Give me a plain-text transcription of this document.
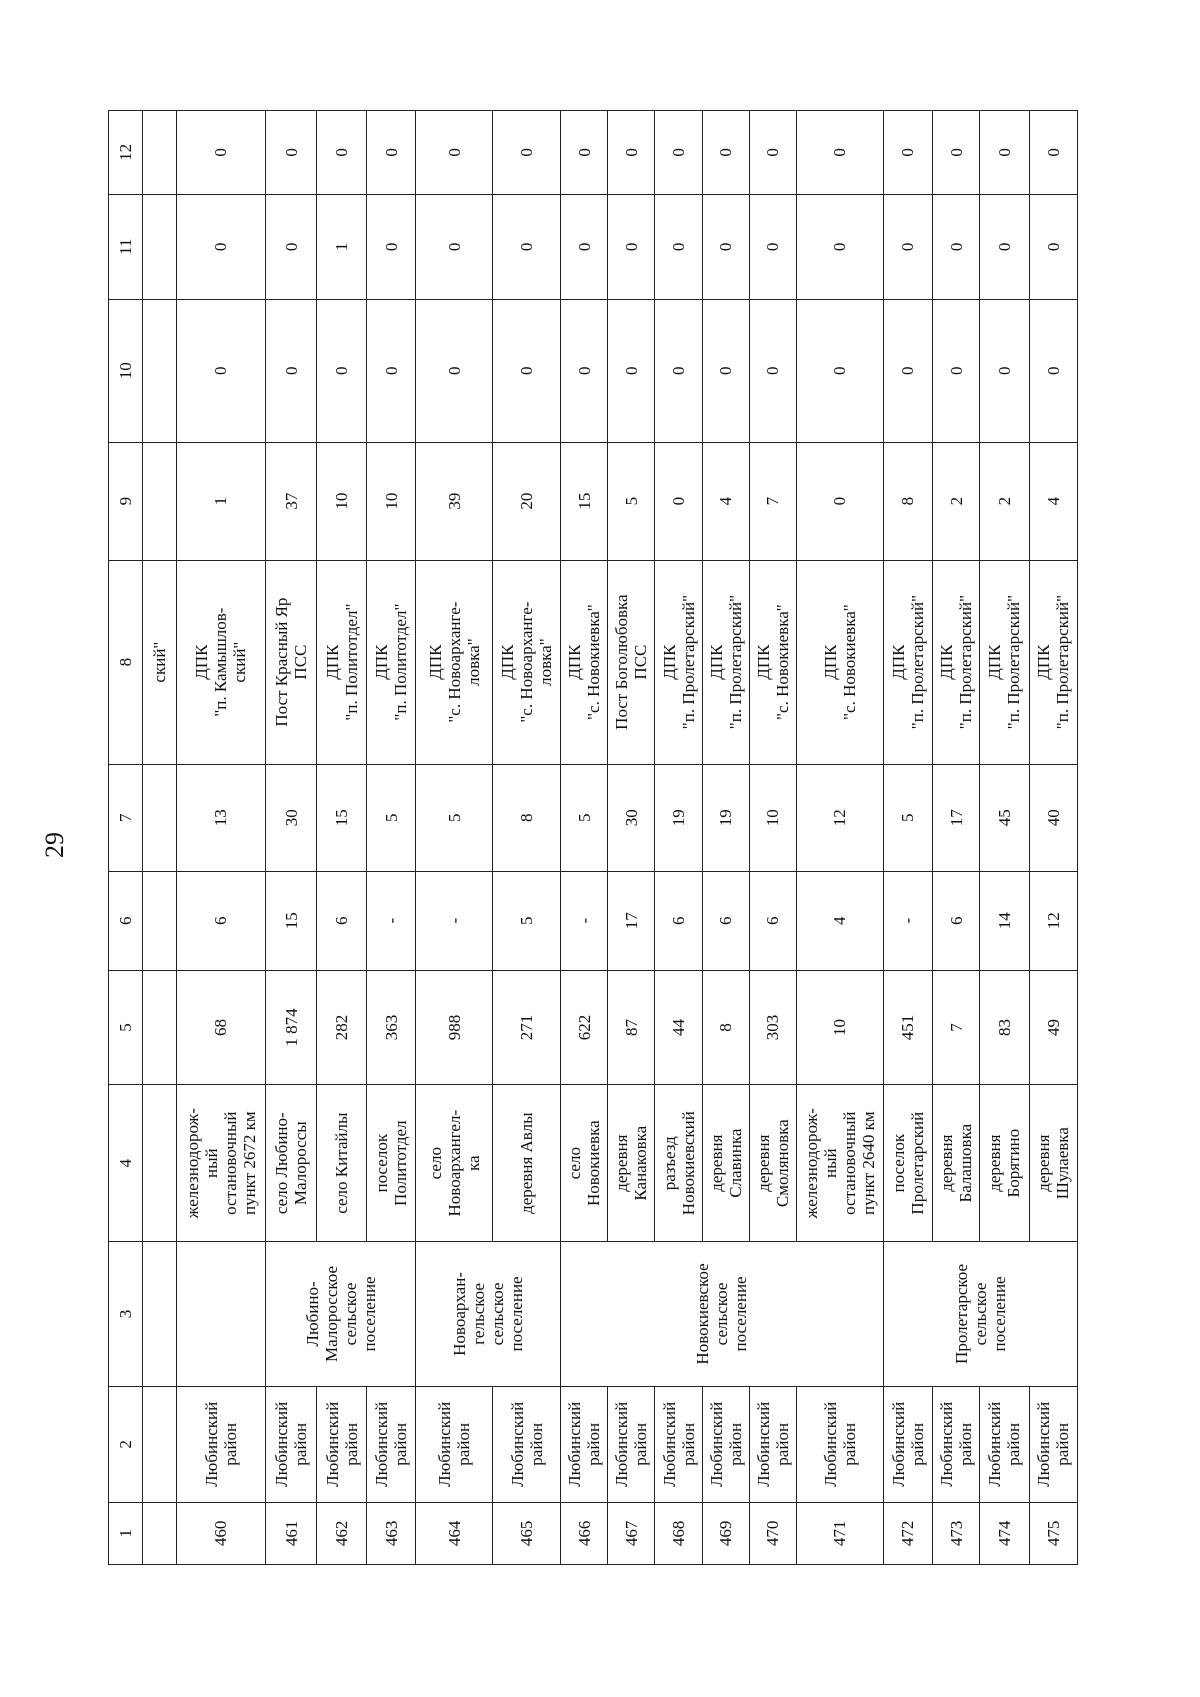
29
1	2	3	4	5	6	7	8	9	10	11	12
							ский"				
460	Любинский район		железнодорож-
ный
остановочный
пункт 2672 км	68	6	13	ДПК
"п. Камышлов-
ский"	1	0	0	0
461	Любинский район	Любино-
Малоросское
сельское
поселение	село Любино-
Малороссы	1 874	15	30	Пост Красный Яр
ПСС	37	0	0	0
462	Любинский район		село Китайлы	282	6	15	ДПК
"п. Политотдел"	10	0	1	0
463	Любинский район		поселок
Политотдел	363	-	5	ДПК
"п. Политотдел"	10	0	0	0
464	Любинский район	Новоархан-
гельское
сельское
поселение	село
Новоархангел-
ка	988	-	5	ДПК
"с. Новоарханге-
ловка"	39	0	0	0
465	Любинский район		деревня Авлы	271	5	8	ДПК
"с. Новоарханге-
ловка"	20	0	0	0
466	Любинский район	Новокиевское
сельское
поселение	село
Новокиевка	622	-	5	ДПК
"с. Новокиевка"	15	0	0	0
467	Любинский район		деревня
Канаковка	87	17	30	Пост Боголюбовка
ПСС	5	0	0	0
468	Любинский район		разъезд
Новокиевский	44	6	19	ДПК
"п. Пролетарский"	0	0	0	0
469	Любинский район		деревня
Славинка	8	6	19	ДПК
"п. Пролетарский"	4	0	0	0
470	Любинский район		деревня
Смоляновка	303	6	10	ДПК
"с. Новокиевка"	7	0	0	0
471	Любинский район		железнодорож-
ный
остановочный
пункт 2640 км	10	4	12	ДПК
"с. Новокиевка"	0	0	0	0
472	Любинский район	Пролетарское
сельское
поселение	поселок
Пролетарский	451	-	5	ДПК
"п. Пролетарский"	8	0	0	0
473	Любинский район		деревня
Балашовка	7	6	17	ДПК
"п. Пролетарский"	2	0	0	0
474	Любинский район		деревня
Борятино	83	14	45	ДПК
"п. Пролетарский"	2	0	0	0
475	Любинский район		деревня
Шулаевка	49	12	40	ДПК
"п. Пролетарский"	4	0	0	0
